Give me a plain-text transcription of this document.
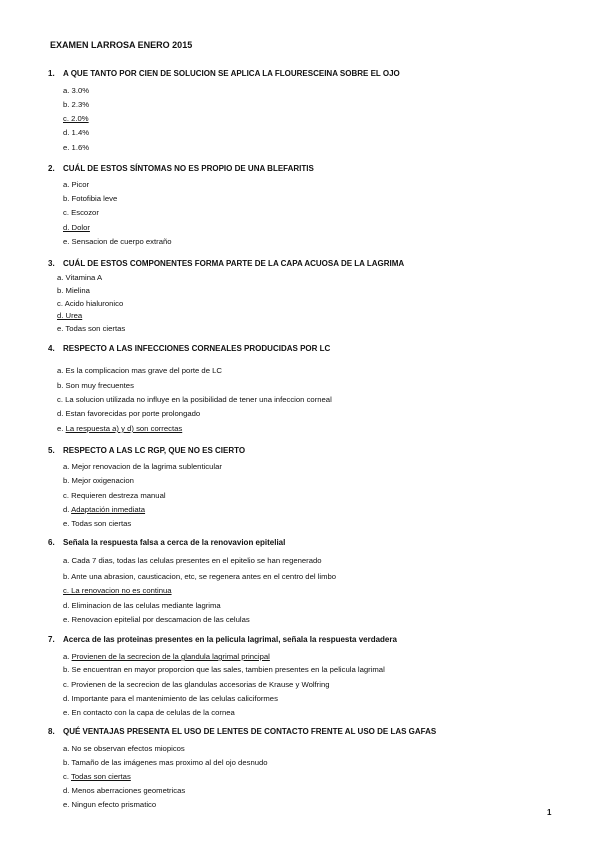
EXAMEN LARROSA ENERO 2015
1. A QUE TANTO POR CIEN DE SOLUCION SE APLICA LA FLOURESCEINA SOBRE EL OJO
a. 3.0%
b. 2.3%
c. 2.0%
d. 1.4%
e. 1.6%
2. CUÁL DE ESTOS SÍNTOMAS NO ES PROPIO DE UNA BLEFARITIS
a. Picor
b. Fotofibia leve
c. Escozor
d. Dolor
e. Sensacion de cuerpo extraño
3. CUÁL DE ESTOS COMPONENTES FORMA PARTE DE LA CAPA ACUOSA DE LA LAGRIMA
a. Vitamina A
b. Mielina
c. Acido hialuronico
d. Urea
e. Todas son ciertas
4. RESPECTO A LAS INFECCIONES CORNEALES PRODUCIDAS POR LC
a. Es la complicacion mas grave del porte de LC
b. Son muy frecuentes
c. La solucion utilizada no influye en la posibilidad de tener una infeccion corneal
d. Estan favorecidas por porte prolongado
e. La respuesta a) y d) son correctas
5. RESPECTO A LAS LC RGP, QUE NO ES CIERTO
a. Mejor renovacion de la lagrima sublenticular
b. Mejor oxigenacion
c. Requieren destreza manual
d. Adaptación inmediata
e. Todas son ciertas
6. Señala la respuesta falsa a cerca de la renovavion epitelial
a. Cada 7 dias, todas las celulas presentes en el epitelio se han regenerado
b. Ante una abrasion, causticacion, etc, se regenera antes en el centro del limbo
c. La renovacion no es continua
d. Eliminacion de las celulas mediante lagrima
e. Renovacion epitelial por descamacion de las celulas
7. Acerca de las proteinas presentes en la pelicula lagrimal, señala la respuesta verdadera
a. Provienen de la secrecion de la glandula lagrimal principal
b. Se encuentran en mayor proporcion que las sales, tambien presentes en la pelicula lagrimal
c. Provienen de la secrecion de las glandulas accesorias de Krause y Wolfring
d. Importante para el mantenimiento de las celulas caliciformes
e. En contacto con la capa de celulas de la cornea
8. QUÉ VENTAJAS PRESENTA EL USO DE LENTES DE CONTACTO FRENTE AL USO DE LAS GAFAS
a. No se observan efectos miopicos
b. Tamaño de las imágenes mas proximo al del ojo desnudo
c. Todas son ciertas
d. Menos aberraciones geometricas
e. Ningun efecto prismatico
1
